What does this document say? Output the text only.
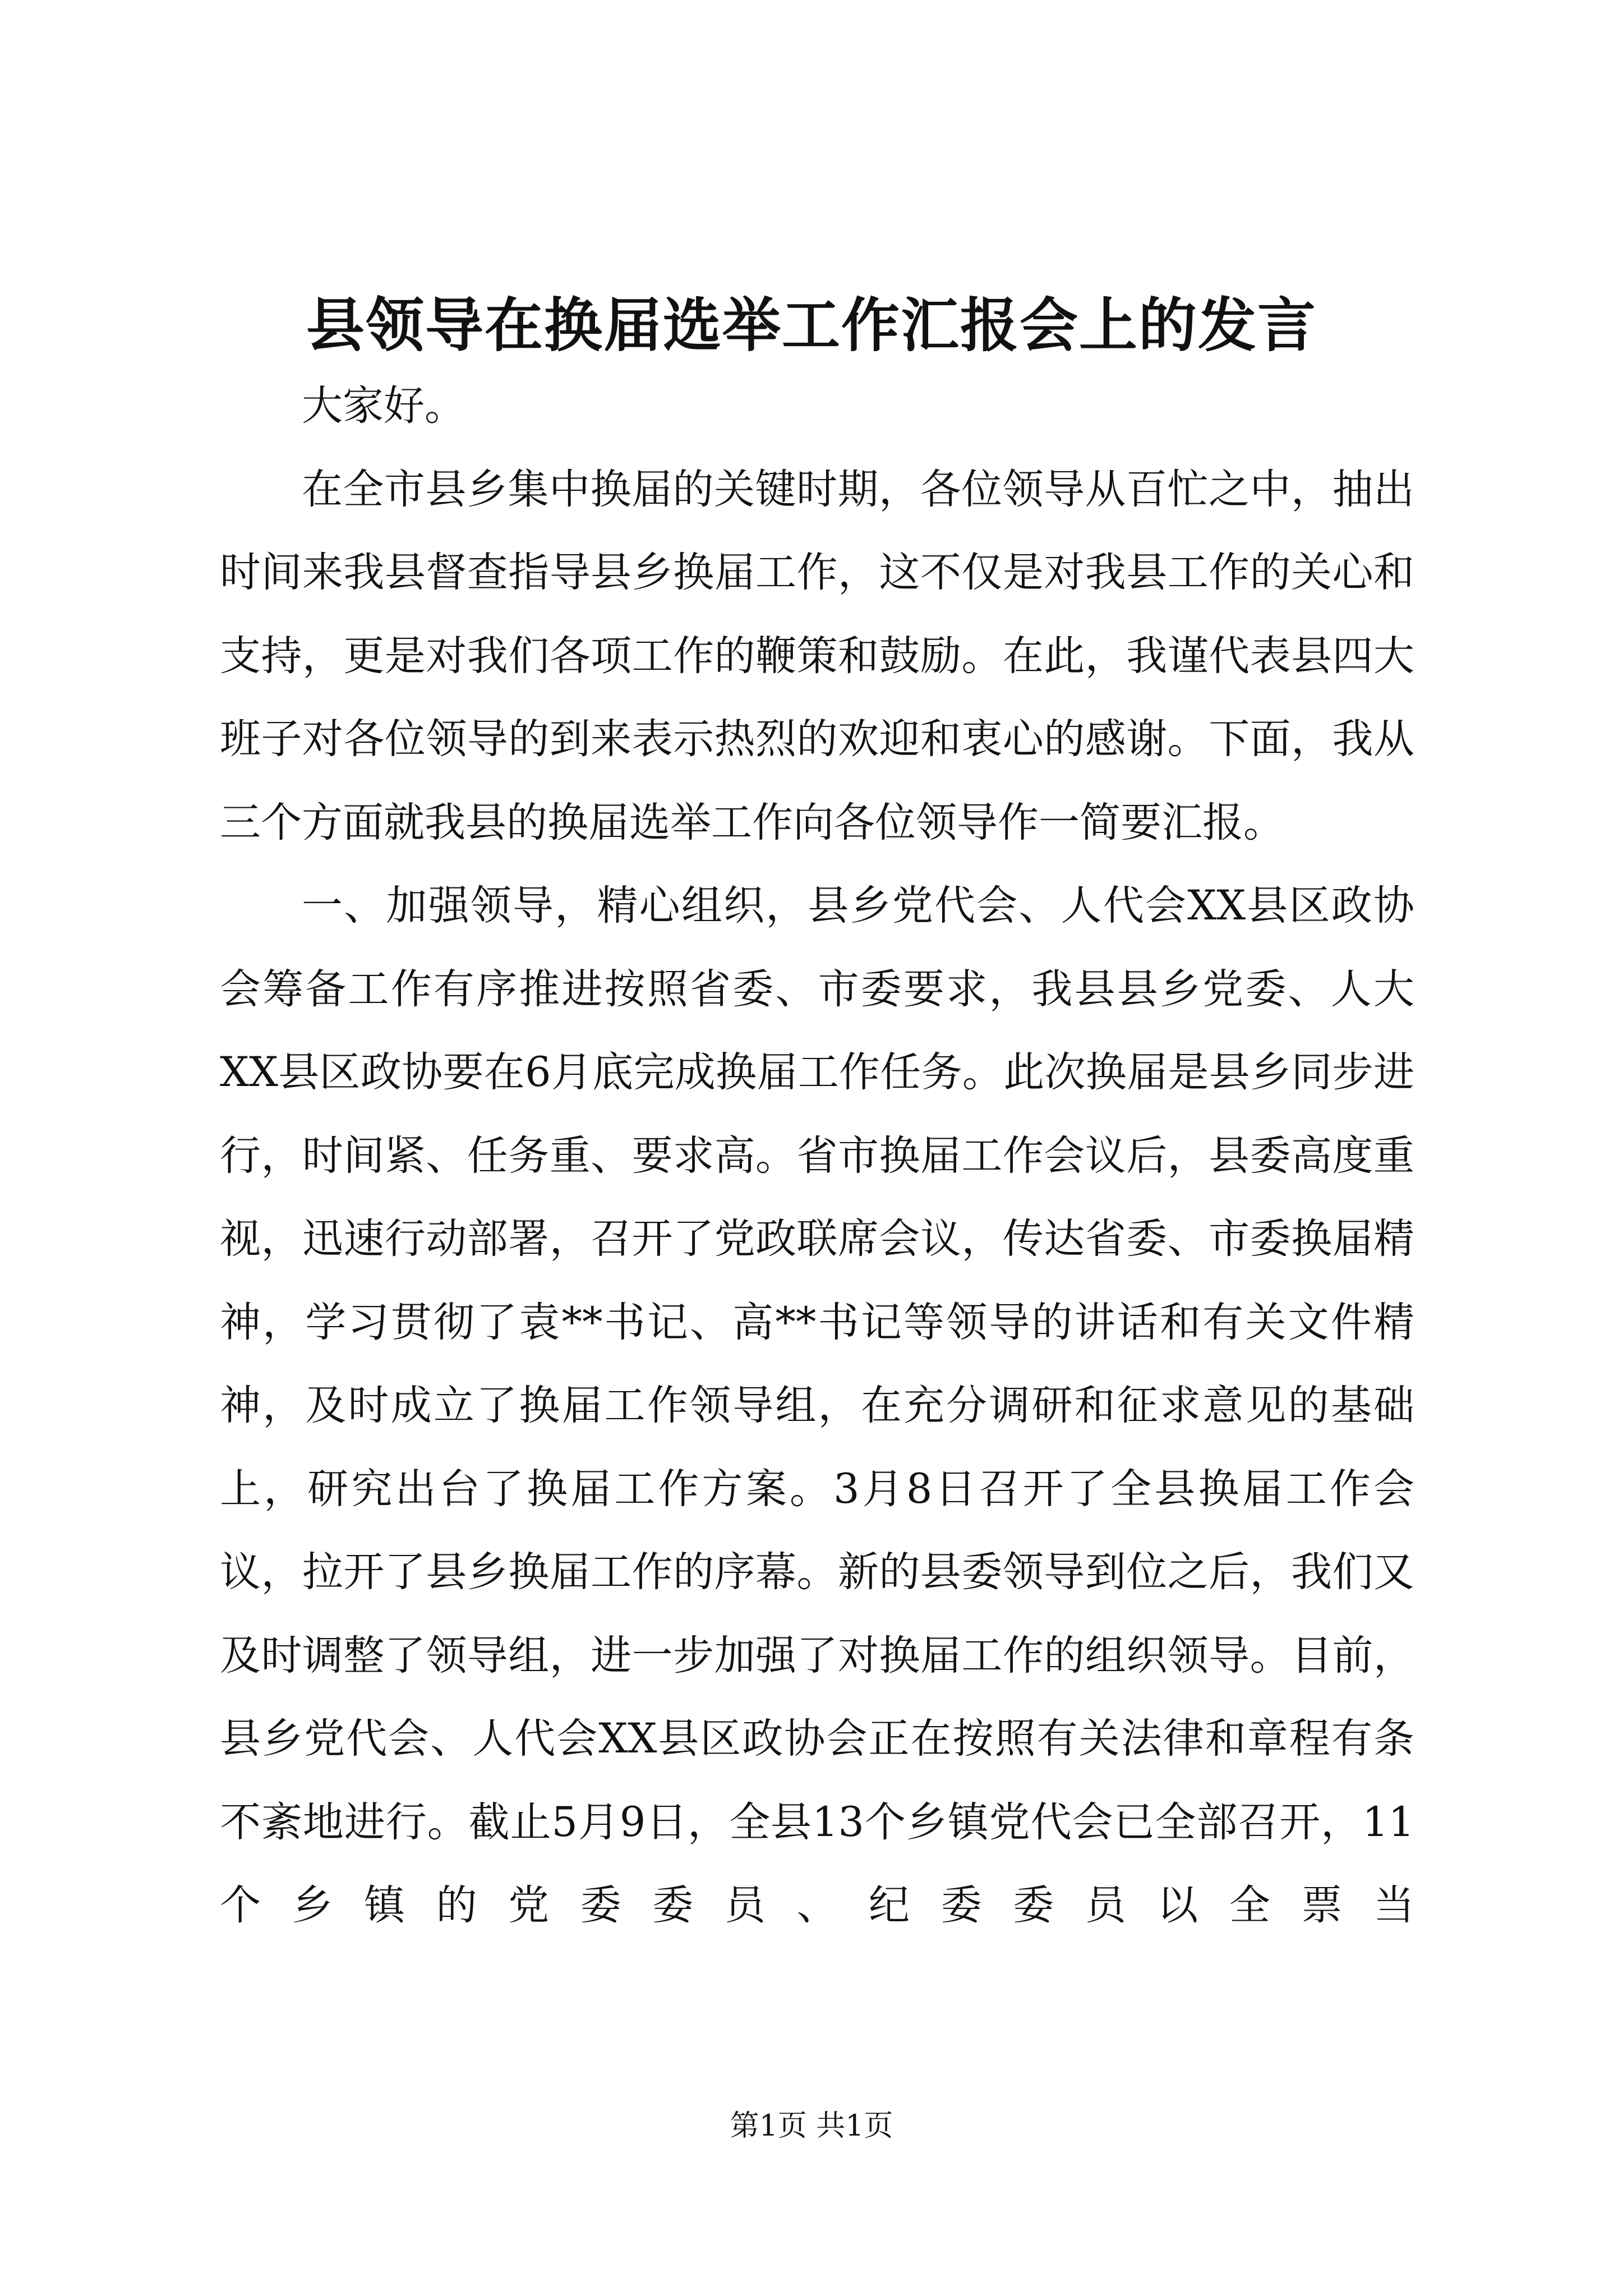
县领导在换届选举工作汇报会上的发言

大家好。

在全市县乡集中换届的关键时期，各位领导从百忙之中，抽出时间来我县督查指导县乡换届工作，这不仅是对我县工作的关心和支持，更是对我们各项工作的鞭策和鼓励。在此，我谨代表县四大班子对各位领导的到来表示热烈的欢迎和衷心的感谢。下面，我从三个方面就我县的换届选举工作向各位领导作一简要汇报。

一、加强领导，精心组织，县乡党代会、人代会XX县区政协会筹备工作有序推进按照省委、市委要求，我县县乡党委、人大XX县区政协要在6月底完成换届工作任务。此次换届是县乡同步进行，时间紧、任务重、要求高。省市换届工作会议后，县委高度重视，迅速行动部署，召开了党政联席会议，传达省委、市委换届精神，学习贯彻了袁**书记、高**书记等领导的讲话和有关文件精神，及时成立了换届工作领导组，在充分调研和征求意见的基础上，研究出台了换届工作方案。3月8日召开了全县换届工作会议，拉开了县乡换届工作的序幕。新的县委领导到位之后，我们又及时调整了领导组，进一步加强了对换届工作的组织领导。目前，县乡党代会、人代会XX县区政协会正在按照有关法律和章程有条不紊地进行。截止5月9日，全县13个乡镇党代会已全部召开，11个乡镇的党委委员、纪委委员以全票当

第1页 共1页
